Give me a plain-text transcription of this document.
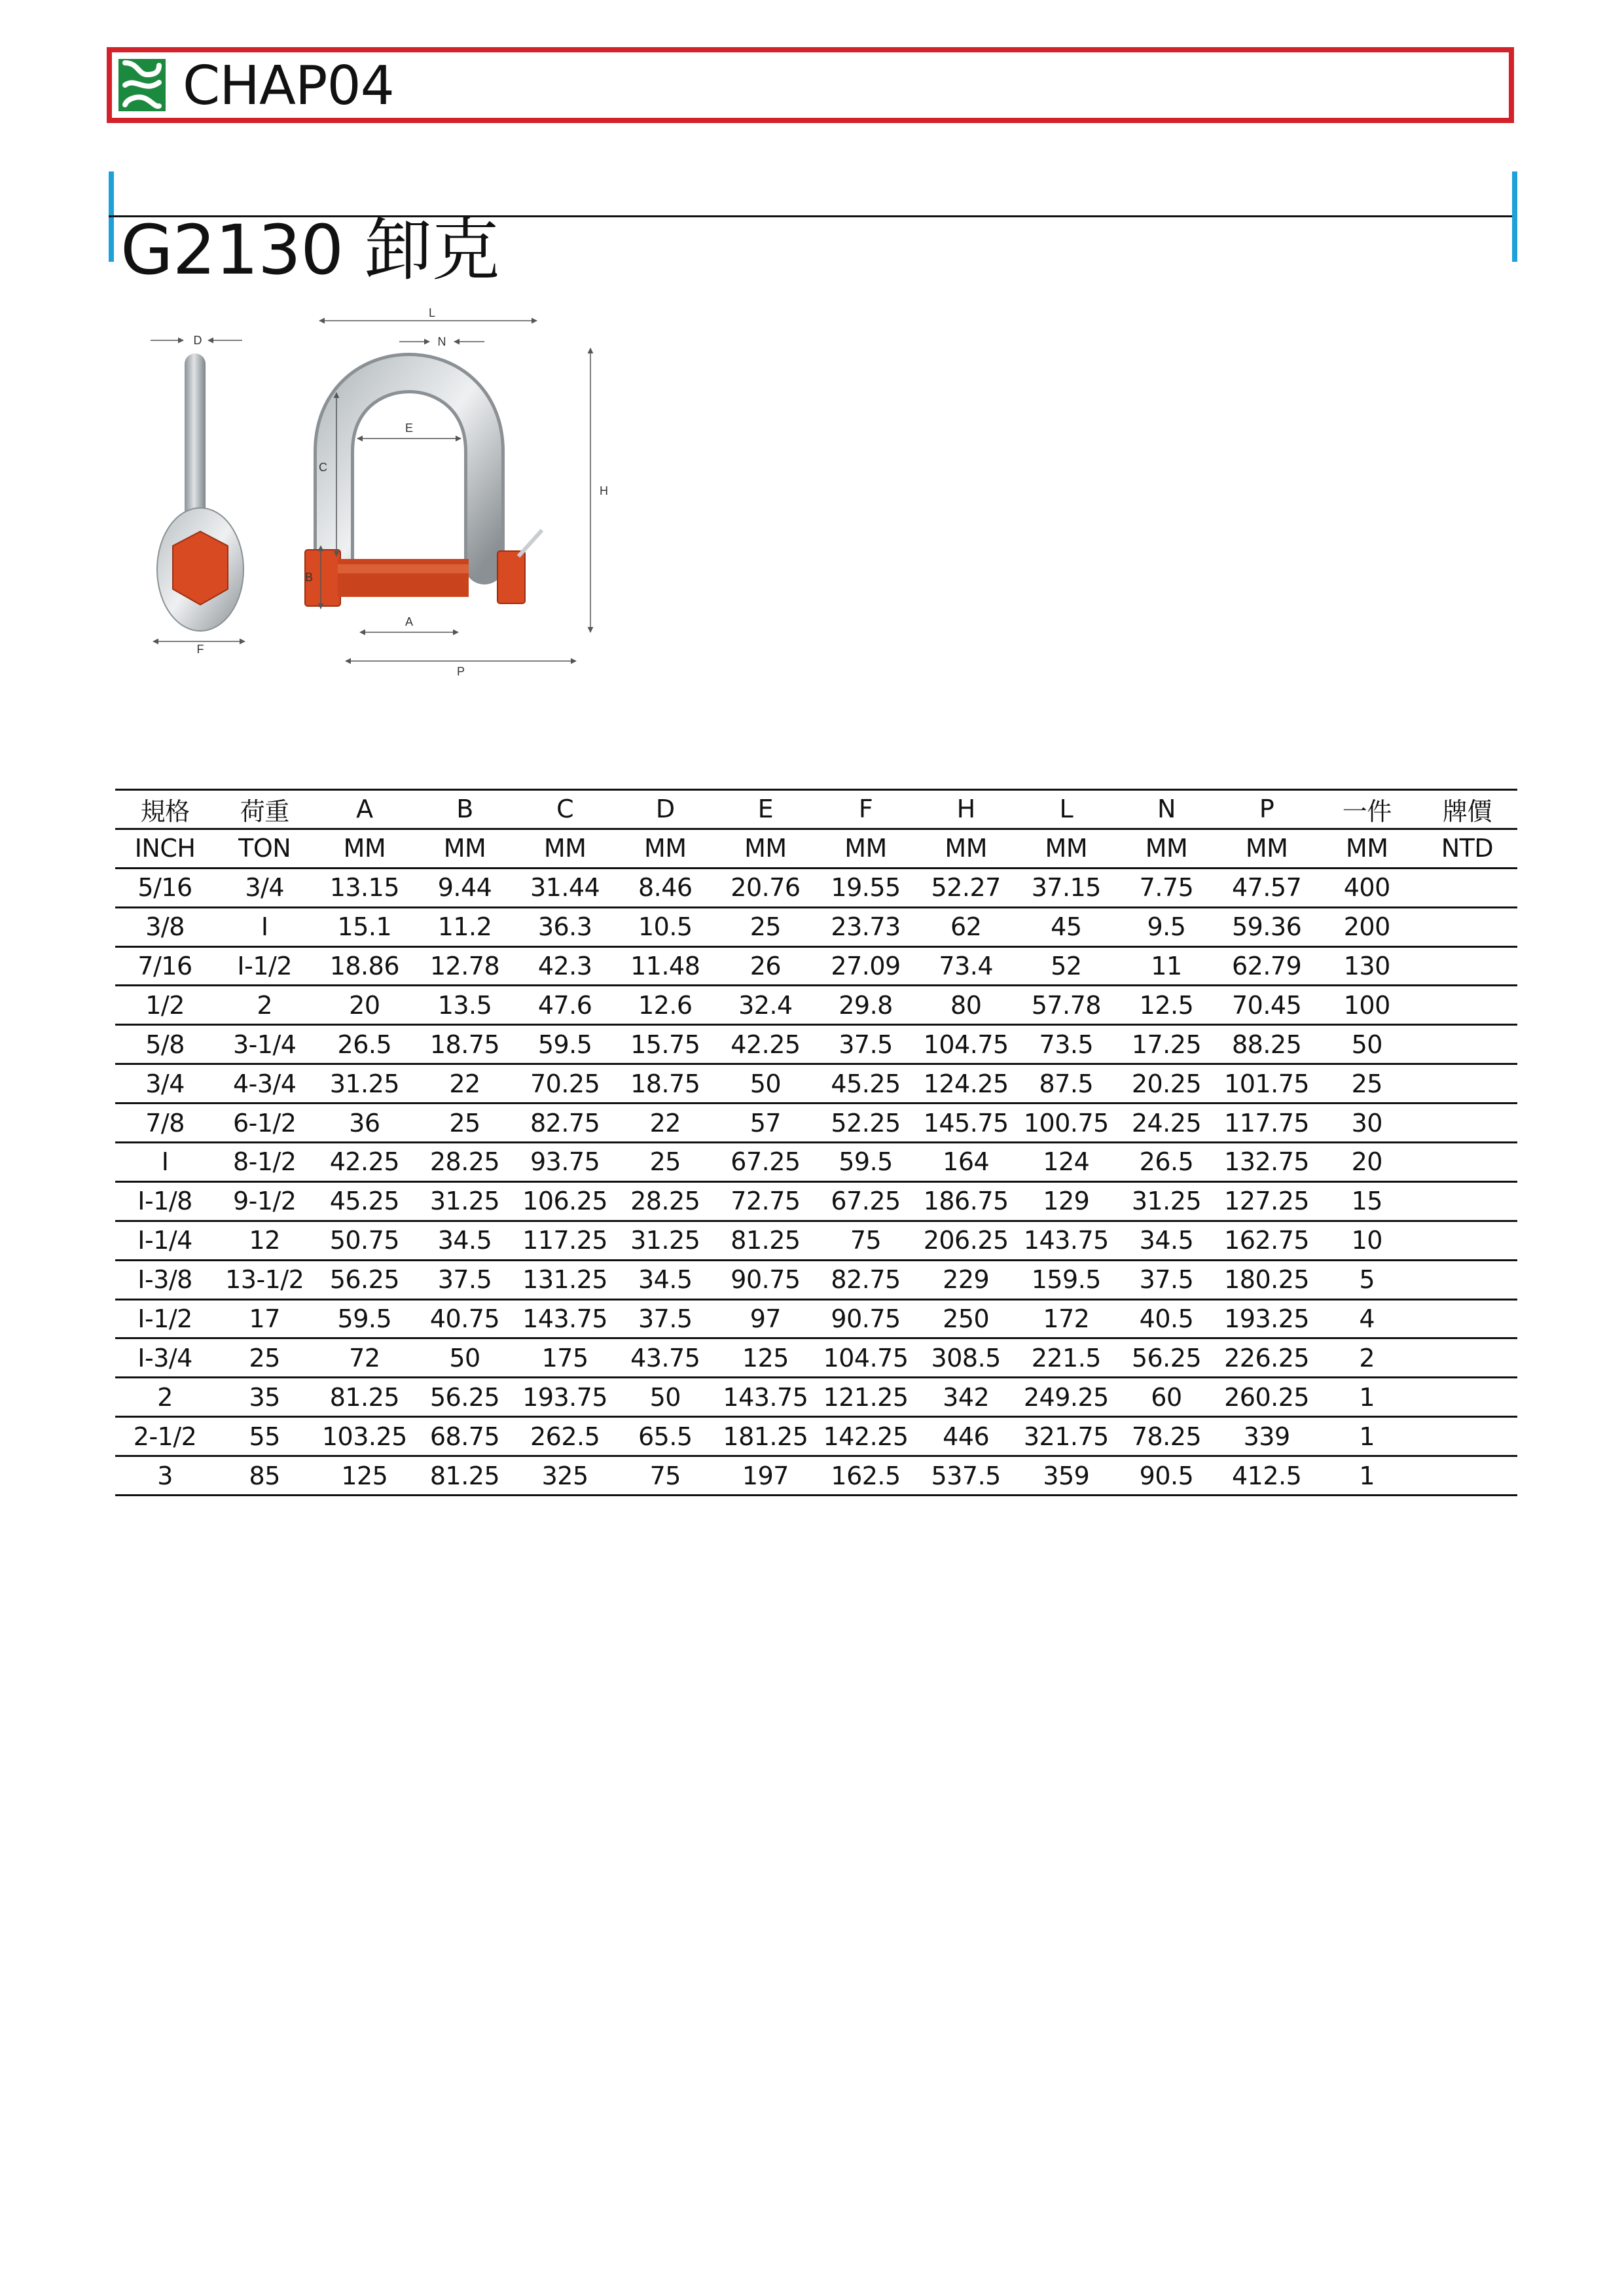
CHAP04
G2130 卸克
D
F
L
N
E
C
H
B
A
P
規格	荷重	A	B	C	D	E	F	H	L	N	P	一件	牌價
INCH	TON	MM	MM	MM	MM	MM	MM	MM	MM	MM	MM	MM	NTD
5/16	3/4	13.15	9.44	31.44	8.46	20.76	19.55	52.27	37.15	7.75	47.57	400	
3/8	I	15.1	11.2	36.3	10.5	25	23.73	62	45	9.5	59.36	200	
7/16	I-1/2	18.86	12.78	42.3	11.48	26	27.09	73.4	52	11	62.79	130	
1/2	2	20	13.5	47.6	12.6	32.4	29.8	80	57.78	12.5	70.45	100	
5/8	3-1/4	26.5	18.75	59.5	15.75	42.25	37.5	104.75	73.5	17.25	88.25	50	
3/4	4-3/4	31.25	22	70.25	18.75	50	45.25	124.25	87.5	20.25	101.75	25	
7/8	6-1/2	36	25	82.75	22	57	52.25	145.75	100.75	24.25	117.75	30	
I	8-1/2	42.25	28.25	93.75	25	67.25	59.5	164	124	26.5	132.75	20	
I-1/8	9-1/2	45.25	31.25	106.25	28.25	72.75	67.25	186.75	129	31.25	127.25	15	
I-1/4	12	50.75	34.5	117.25	31.25	81.25	75	206.25	143.75	34.5	162.75	10	
I-3/8	13-1/2	56.25	37.5	131.25	34.5	90.75	82.75	229	159.5	37.5	180.25	5	
I-1/2	17	59.5	40.75	143.75	37.5	97	90.75	250	172	40.5	193.25	4	
I-3/4	25	72	50	175	43.75	125	104.75	308.5	221.5	56.25	226.25	2	
2	35	81.25	56.25	193.75	50	143.75	121.25	342	249.25	60	260.25	1	
2-1/2	55	103.25	68.75	262.5	65.5	181.25	142.25	446	321.75	78.25	339	1	
3	85	125	81.25	325	75	197	162.5	537.5	359	90.5	412.5	1	
